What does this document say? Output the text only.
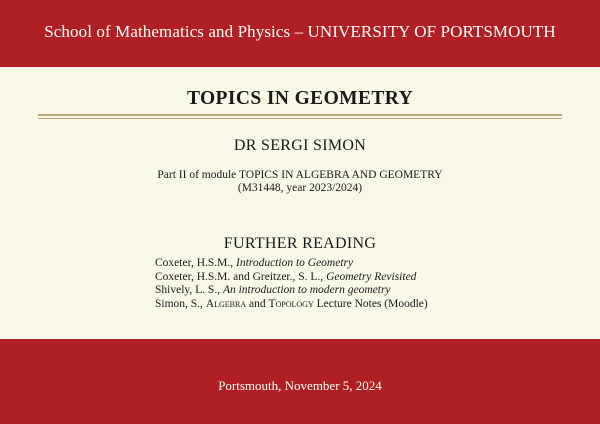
School of Mathematics and Physics – UNIVERSITY OF PORTSMOUTH
TOPICS IN GEOMETRY
DR SERGI SIMON
Part II of module TOPICS IN ALGEBRA AND GEOMETRY
(M31448, year 2023/2024)
FURTHER READING
Coxeter, H.S.M., Introduction to Geometry
Coxeter, H.S.M. and Greitzer., S. L., Geometry Revisited
Shively, L. S., An introduction to modern geometry
Simon, S., Algebra and Topology Lecture Notes (Moodle)
Portsmouth, November 5, 2024
